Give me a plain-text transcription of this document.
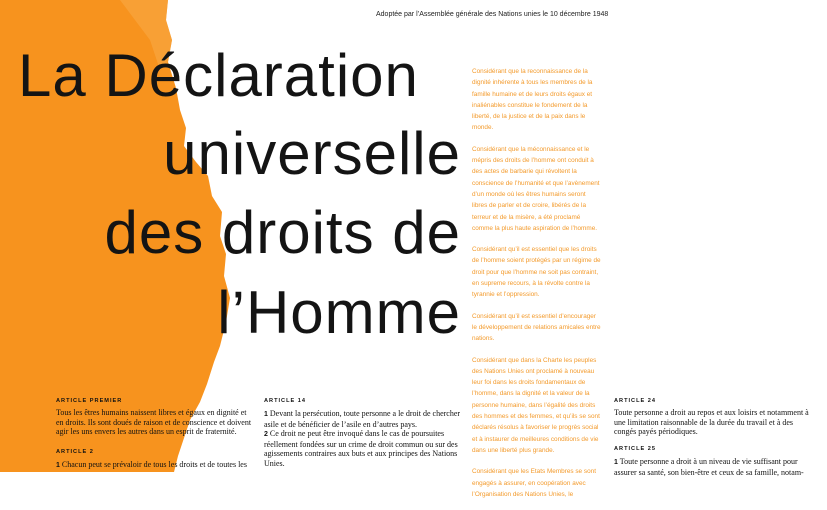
Adoptée par l’Assemblée générale des Nations unies le 10 décembre 1948
La Déclaration
universelle
des droits de
l’Homme

Considérant que la reconnaissance de la dignité inhérente à tous les membres de la famille humaine et de leurs droits égaux et inaliénables constitue le fondement de la liberté, de la justice et de la paix dans le monde.

Considérant que la méconnaissance et le mépris des droits de l’homme ont conduit à des actes de barbarie qui révoltent la conscience de l’humanité et que l’avènement d’un monde où les êtres humains seront libres de parler et de croire, libérés de la terreur et de la misère, a été proclamé comme la plus haute aspiration de l’homme.

Considérant qu’il est essentiel que les droits de l’homme soient protégés par un régime de droit pour que l’homme ne soit pas contraint, en supreme recours, à la révolte contre la tyrannie et l’oppression.

Considérant qu’il est essentiel d’encourager le développement de relations amicales entre nations.

Considérant que dans la Charte les peuples des Nations Unies ont proclamé à nouveau leur foi dans les droits fondamentaux de l’homme, dans la dignité et la valeur de la personne humaine, dans l’égalité des droits des hommes et des femmes, et qu’ils se sont déclarés résolus à favoriser le progrès social et à instaurer de meilleures conditions de vie dans une liberté plus grande.

Considérant que les Etats Membres se sont engagés à assurer, en coopération avec l’Organisation des Nations Unies, le

ARTICLE PREMIER

Tous les êtres humains naissent libres et égaux en dignité et en droits. Ils sont doués de raison et de conscience et doivent agir les uns envers les autres dans un esprit de fraternité.

ARTICLE 2

1 Chacun peut se prévaloir de tous les droits et de toutes les

ARTICLE 14

1 Devant la persécution, toute personne a le droit de chercher asile et de bénéficier de l’asile en d’autres pays.

2 Ce droit ne peut être invoqué dans le cas de poursuites réellement fondées sur un crime de droit commun ou sur des agissements contraires aux buts et aux principes des Nations Unies.

ARTICLE 24

Toute personne a droit au repos et aux loisirs et notamment à une limitation raisonnable de la durée du travail et à des congés payés périodiques.

ARTICLE 25

1 Toute personne a droit à un niveau de vie suffisant pour assurer sa santé, son bien-être et ceux de sa famille, notam-
